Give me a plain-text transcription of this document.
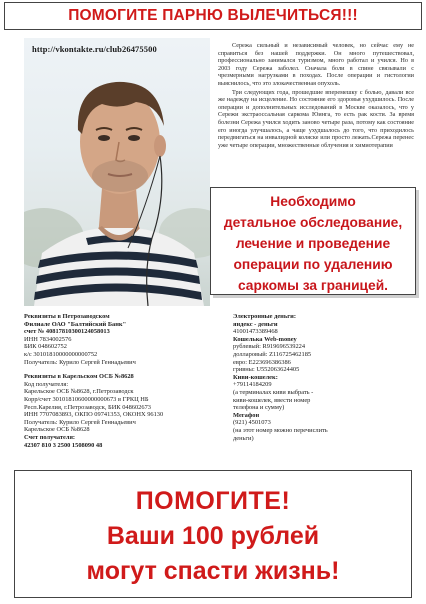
ПОМОГИТЕ ПАРНЮ ВЫЛЕЧИТЬСЯ!!!
http://vkontakte.ru/club26475500	Сережа сильный и независимый человек, но сейчас ему не справиться без нашей поддержки. Он много путешествовал, профессионально занимался туризмом, много работал и учился. Но в 2003 году Сережа заболел. Сначала боли в спине связывали с чрезмерными нагрузками в походах. После операции и гистологии выяснилось, что это злокачественная опухоль.

Три следующих года, прошедшие вперемешку с болью, давали все же надежду на исцеление. Но состояние его здоровья ухудшилось. После операции и дополнительных исследований в Москве оказалось, что у Сережи экстраоссальная саркома Юинга, то есть рак кости. За время болезни Сережа учился ходить заново четыре раза, потому как состояние его иногда улучшалось, а чаще ухудшалось до того, что приходилось передвигаться на инвалидной коляске или просто лежать.Сережа перенес уже четыре операции, множественные облучения и химиотерапии

Необходимо
детальное обследование,
лечение и проведение
операции по удалению
саркомы за границей.
Реквизиты в Петрозаводском
Филиале ОАО "Балтийский Банк"
счет № 40817810300124058013
ИНН 7834002576
БИК 048602752
к/с 30101810000000000752
Получатель: Курило Сергей Геннадьевич
Реквизиты в Карельском ОСБ №8628
Код получателя:
Карельское ОСБ №8628, г.Петрозаводск
Корр/счет 30101810600000000673 в ГРКЦ НБ
Респ.Карелия, г.Петрозаводск, БИК 048602673
ИНН 7707083893, ОКПО 09741353, ОКОНХ 96130
Получатель: Курило Сергей Геннадьевич
Карельское ОСБ №8628
Счет получателя:
42307 810 3 2500 1508090 48
Электронные деньги:
яндекс - деньги
41001473389468
Кошелька Web-money
рублевый: R919696539224
долларовый: Z116725462185
евро: E223696386386
гривны: U552063624405
Киви-кошелек:
+79114184209
(а терминалах киви выбрать -
киви-кошелек, ввести номер
телефона и сумму)
Мегафон
(921) 4501073
(на этот номер можно перечислить
деньги)
ПОМОГИТЕ!
Ваши 100 рублей
могут спасти жизнь!
